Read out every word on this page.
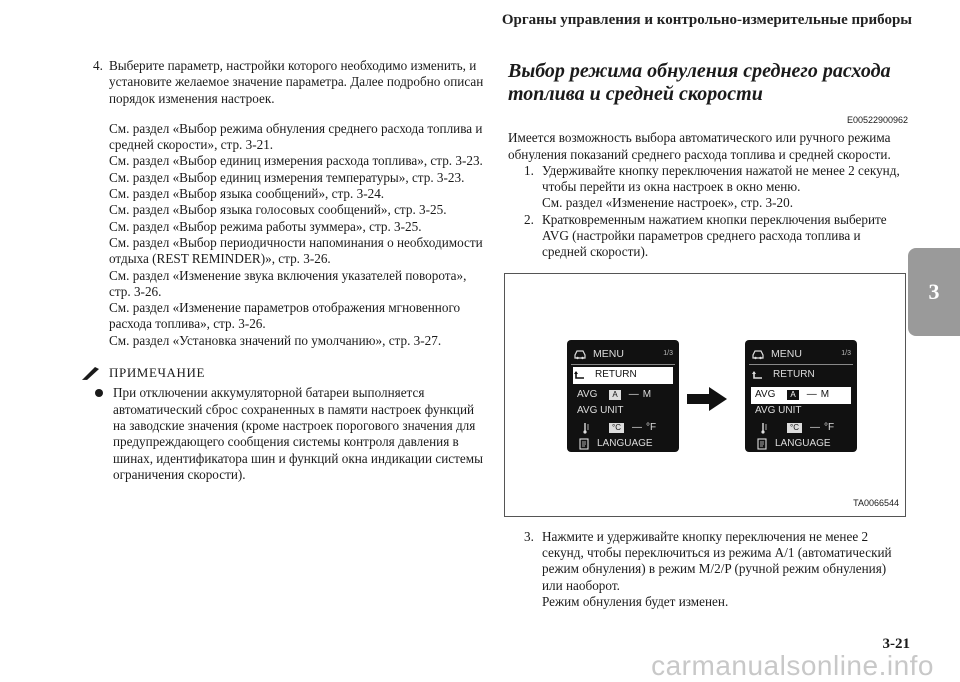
Органы управления и контрольно-измерительные приборы
3
4. Выберите параметр, настройки которого необходимо изменить, и установите желаемое значение параметра. Далее подробно описан порядок изменения настроек.
См. раздел «Выбор режима обнуления среднего расхода топлива и средней скорости», стр. 3-21.
См. раздел «Выбор единиц измерения расхода топлива», стр. 3-23.
См. раздел «Выбор единиц измерения температуры», стр. 3-23.
См. раздел «Выбор языка сообщений», стр. 3-24.
См. раздел «Выбор языка голосовых сообщений», стр. 3-25.
См. раздел «Выбор режима работы зуммера», стр. 3-25.
См. раздел «Выбор периодичности напоминания о необходимости отдыха (REST REMINDER)», стр. 3-26.
См. раздел «Изменение звука включения указателей поворота», стр. 3-26.
См. раздел «Изменение параметров отображения мгновенного расхода топлива», стр. 3-26.
См. раздел «Установка значений по умолчанию», стр. 3-27.
ПРИМЕЧАНИЕ
При отключении аккумуляторной батареи выполняется автоматический сброс сохраненных в памяти настроек функций на заводские значения (кроме настроек порогового значения для предупреждающего сообщения системы контроля давления в шинах, идентификатора шин и функций окна индикации системы ограничения скорости).
Выбор режима обнуления среднего расхода топлива и средней скорости
E00522900962
Имеется возможность выбора автоматического или ручного режима обнуления показаний среднего расхода топлива и средней скорости.
1. Удерживайте кнопку переключения нажатой не менее 2 секунд, чтобы перейти из окна настроек в окно меню.
См. раздел «Изменение настроек», стр. 3-20.
2. Кратковременным нажатием кнопки переключения выберите AVG (настройки параметров среднего расхода топлива и средней скорости).
MENU	1/3
RETURN
AVG	A	— M
AVG UNIT
°C	— °F
LANGUAGE
MENU	1/3
RETURN
AVG	A	— M
AVG UNIT
°C	— °F
LANGUAGE
TA0066544
3. Нажмите и удерживайте кнопку переключения не менее 2 секунд, чтобы переключиться из режима A/1 (автоматический режим обнуления) в режим M/2/P (ручной режим обнуления) или наоборот.
Режим обнуления будет изменен.
3-21
carmanualsonline.info
